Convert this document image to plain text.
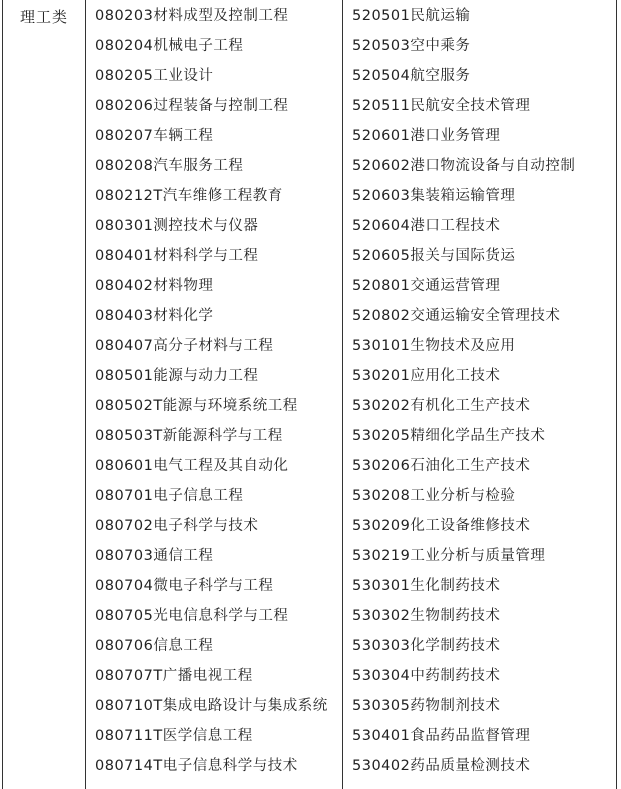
理工类 080203材料成型及控制工程
080204机械电子工程
080205工业设计
080206过程装备与控制工程
080207车辆工程
080208汽车服务工程
080212T汽车维修工程教育
080301测控技术与仪器
080401材料科学与工程
080402材料物理
080403材料化学
080407高分子材料与工程
080501能源与动力工程
080502T能源与环境系统工程
080503T新能源科学与工程
080601电气工程及其自动化
080701电子信息工程
080702电子科学与技术
080703通信工程
080704微电子科学与工程
080705光电信息科学与工程
080706信息工程
080707T广播电视工程
080710T集成电路设计与集成系统
080711T医学信息工程
080714T电子信息科学与技术
520501民航运输
520503空中乘务
520504航空服务
520511民航安全技术管理
520601港口业务管理
520602港口物流设备与自动控制
520603集装箱运输管理
520604港口工程技术
520605报关与国际货运
520801交通运营管理
520802交通运输安全管理技术
530101生物技术及应用
530201应用化工技术
530202有机化工生产技术
530205精细化学品生产技术
530206石油化工生产技术
530208工业分析与检验
530209化工设备维修技术
530219工业分析与质量管理
530301生化制药技术
530302生物制药技术
530303化学制药技术
530304中药制药技术
530305药物制剂技术
530401食品药品监督管理
530402药品质量检测技术
